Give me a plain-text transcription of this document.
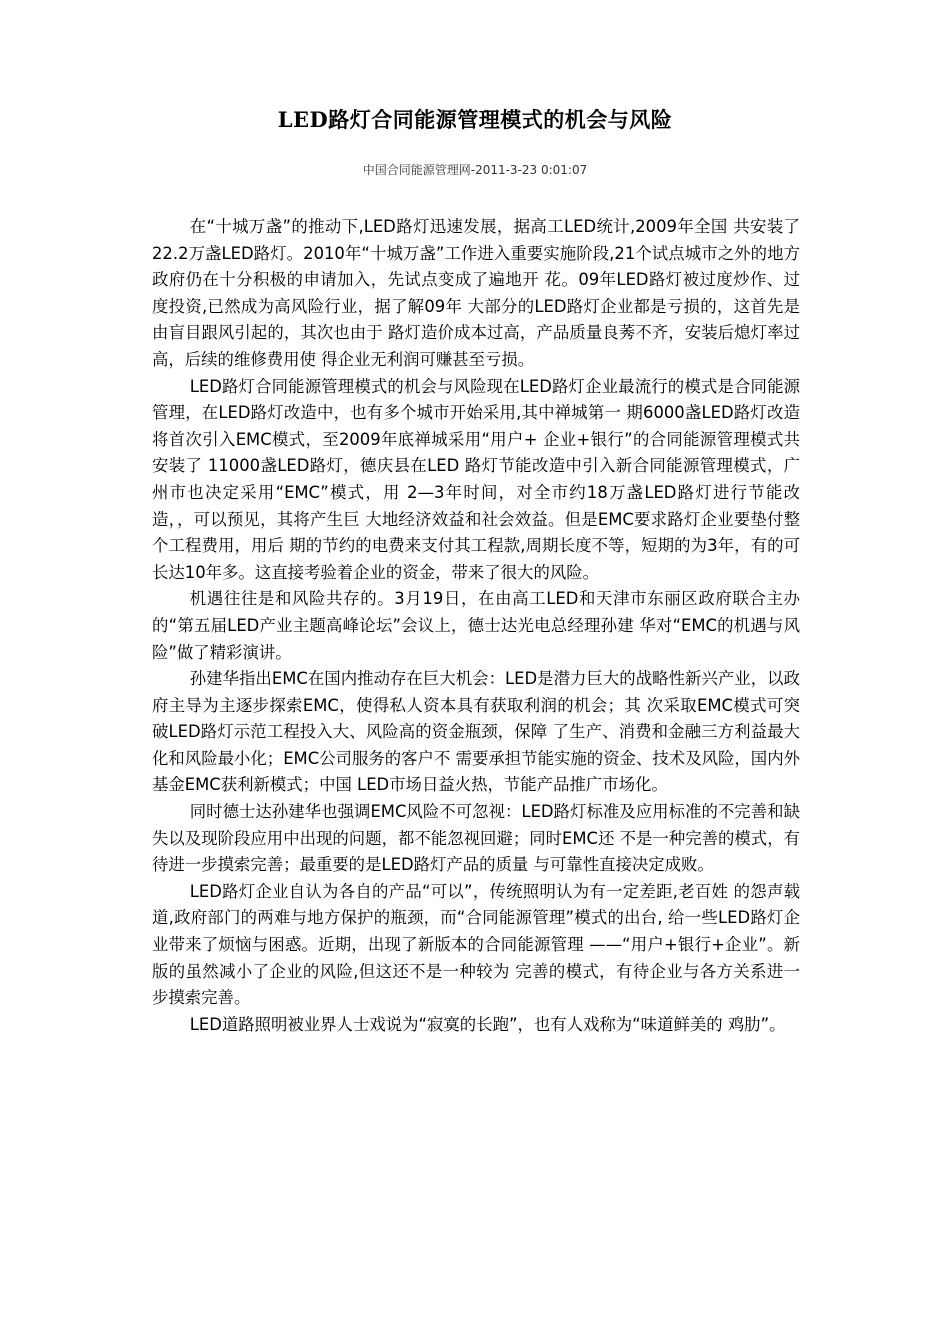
LED路灯合同能源管理模式的机会与风险
中国合同能源管理网-2011-3-23 0:01:07

在“十城万盏”的推动下,LED路灯迅速发展，据高工LED统计,2009年全国 共安装了 22.2万盏LED路灯。2010年“十城万盏”工作进入重要实施阶段,21个试点城市之外的地方政府仍在十分积极的申请加入，先试点变成了遍地开 花。09年LED路灯被过度炒作、过度投资,已然成为高风险行业，据了解09年 大部分的LED路灯企业都是亏损的，这首先是由盲目跟风引起的，其次也由于 路灯造价成本过高，产品质量良莠不齐，安装后熄灯率过高，后续的维修费用使 得企业无利润可赚甚至亏损。

LED路灯合同能源管理模式的机会与风险现在LED路灯企业最流行的模式是合同能源管理，在LED路灯改造中，也有多个城市开始采用,其中禅城第一 期6000盏LED路灯改造将首次引入EMC模式，至2009年底禅城采用“用户+ 企业+银行”的合同能源管理模式共安装了 11000盏LED路灯，德庆县在LED 路灯节能改造中引入新合同能源管理模式，广州市也决定采用“EMC”模式，用 2—3年时间，对全市约18万盏LED路灯进行节能改造，，可以预见，其将产生巨 大地经济效益和社会效益。但是EMC要求路灯企业要垫付整个工程费用，用后 期的节约的电费来支付其工程款,周期长度不等，短期的为3年，有的可长达10年多。这直接考验着企业的资金，带来了很大的风险。

机遇往往是和风险共存的。3月19日，在由高工LED和天津市东丽区政府联合主办的“第五届LED产业主题高峰论坛”会议上，德士达光电总经理孙建 华对“EMC的机遇与风险”做了精彩演讲。

孙建华指出EMC在国内推动存在巨大机会：LED是潜力巨大的战略性新兴产业，以政府主导为主逐步探索EMC，使得私人资本具有获取利润的机会；其 次采取EMC模式可突破LED路灯示范工程投入大、风险高的资金瓶颈，保障 了生产、消费和金融三方利益最大化和风险最小化；EMC公司服务的客户不 需要承担节能实施的资金、技术及风险，国内外基金EMC获利新模式；中国 LED市场日益火热，节能产品推广市场化。

同时德士达孙建华也强调EMC风险不可忽视：LED路灯标准及应用标准的不完善和缺失以及现阶段应用中出现的问题，都不能忽视回避；同时EMC还 不是一种完善的模式，有待进一步摸索完善；最重要的是LED路灯产品的质量 与可靠性直接决定成败。

LED路灯企业自认为各自的产品“可以”，传统照明认为有一定差距,老百姓 的怨声载道,政府部门的两难与地方保护的瓶颈，而“合同能源管理”模式的出台, 给一些LED路灯企业带来了烦恼与困惑。近期，出现了新版本的合同能源管理 ——“用户+银行+企业”。新版的虽然减小了企业的风险,但这还不是一种较为 完善的模式，有待企业与各方关系进一步摸索完善。

LED道路照明被业界人士戏说为“寂寞的长跑”，也有人戏称为“味道鲜美的 鸡肋”。
